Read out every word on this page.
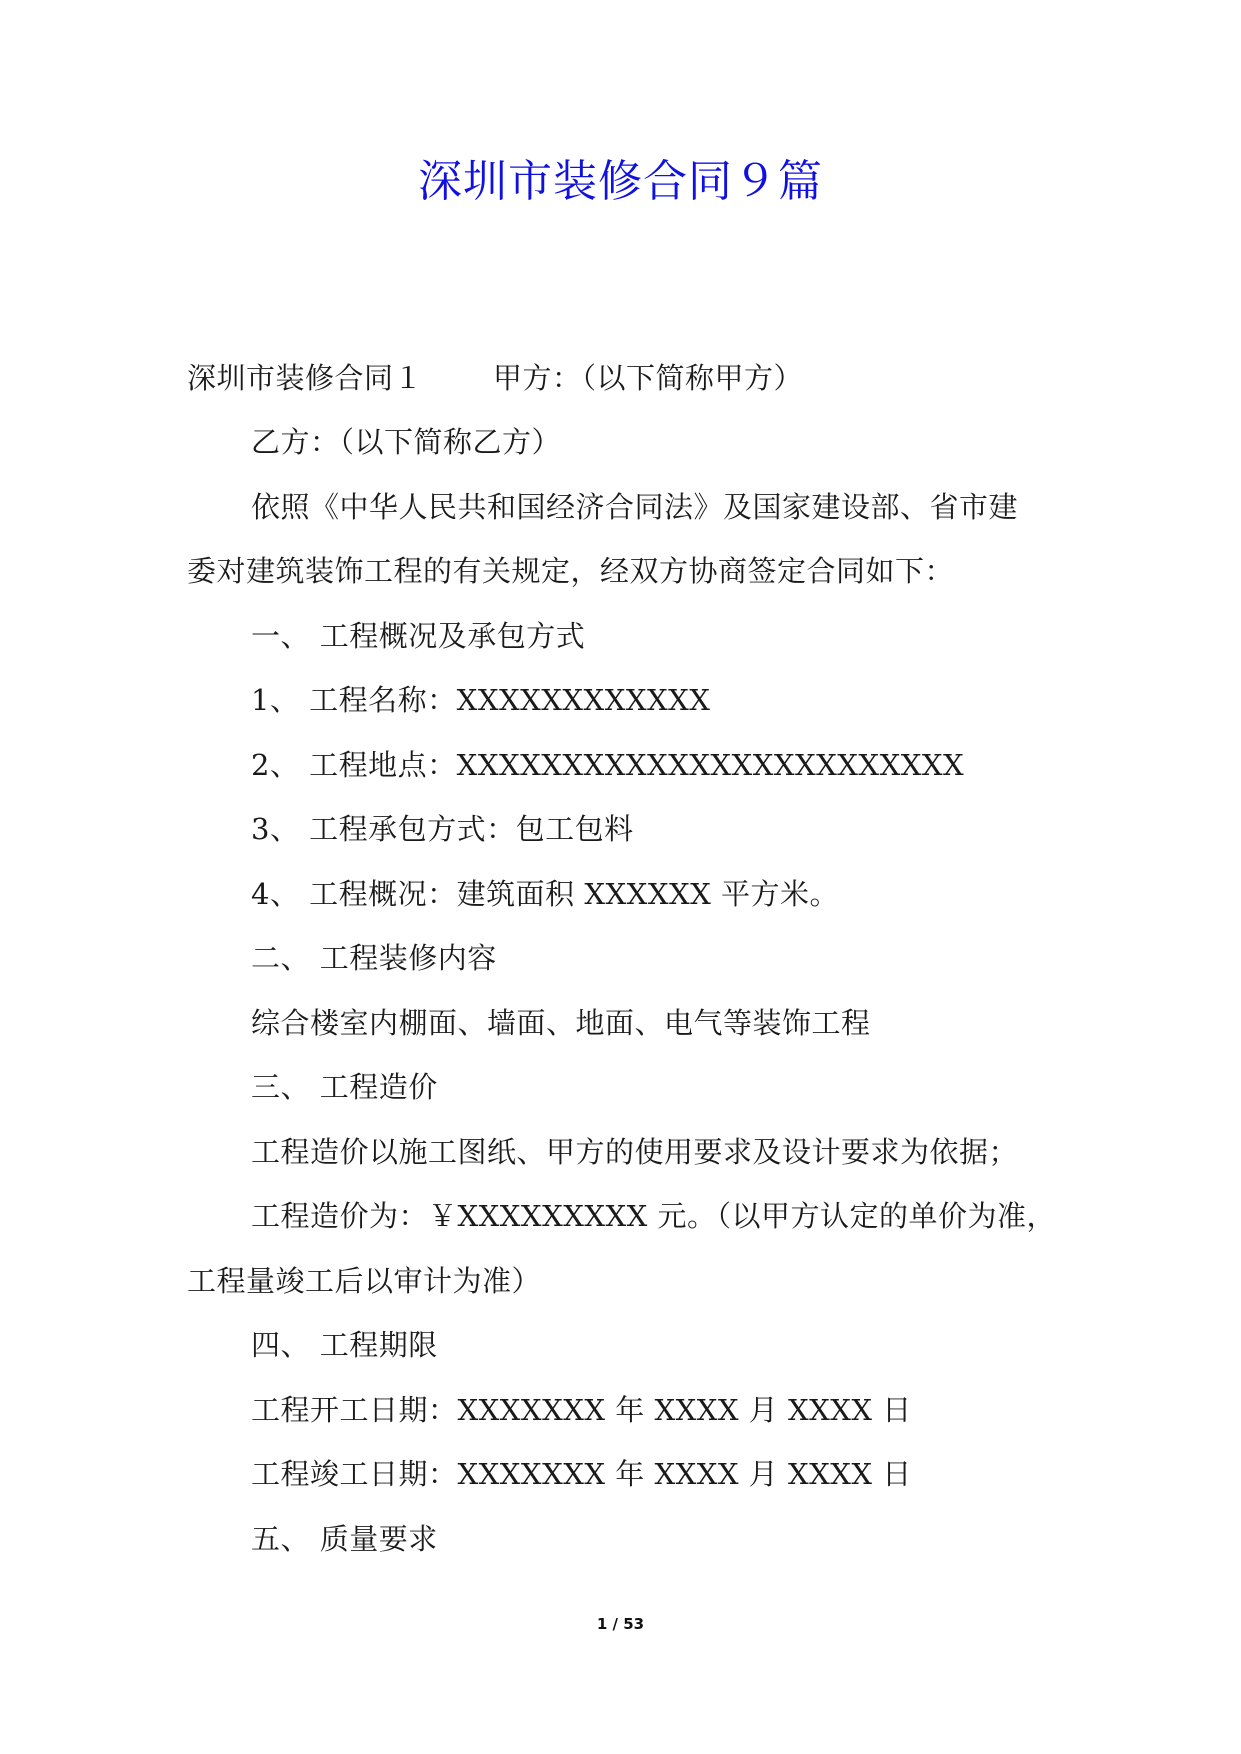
深圳市装修合同９篇
深圳市装修合同１ 甲方：（以下简称甲方）
乙方：（以下简称乙方）
依照《中华人民共和国经济合同法》及国家建设部、省市建
委对建筑装饰工程的有关规定，经双方协商签定合同如下：
一、 工程概况及承包方式
1、 工程名称：XXXXXXXXXXXX
2、 工程地点：XXXXXXXXXXXXXXXXXXXXXXXX
3、 工程承包方式：包工包料
4、 工程概况：建筑面积 XXXXXX 平方米。
二、 工程装修内容
综合楼室内棚面、墙面、地面、电气等装饰工程
三、 工程造价
工程造价以施工图纸、甲方的使用要求及设计要求为依据；
工程造价为：￥XXXXXXXXX 元。（以甲方认定的单价为准，
工程量竣工后以审计为准）
四、 工程期限
工程开工日期：XXXXXXX 年 XXXX 月 XXXX 日
工程竣工日期：XXXXXXX 年 XXXX 月 XXXX 日
五、 质量要求
1 / 53
